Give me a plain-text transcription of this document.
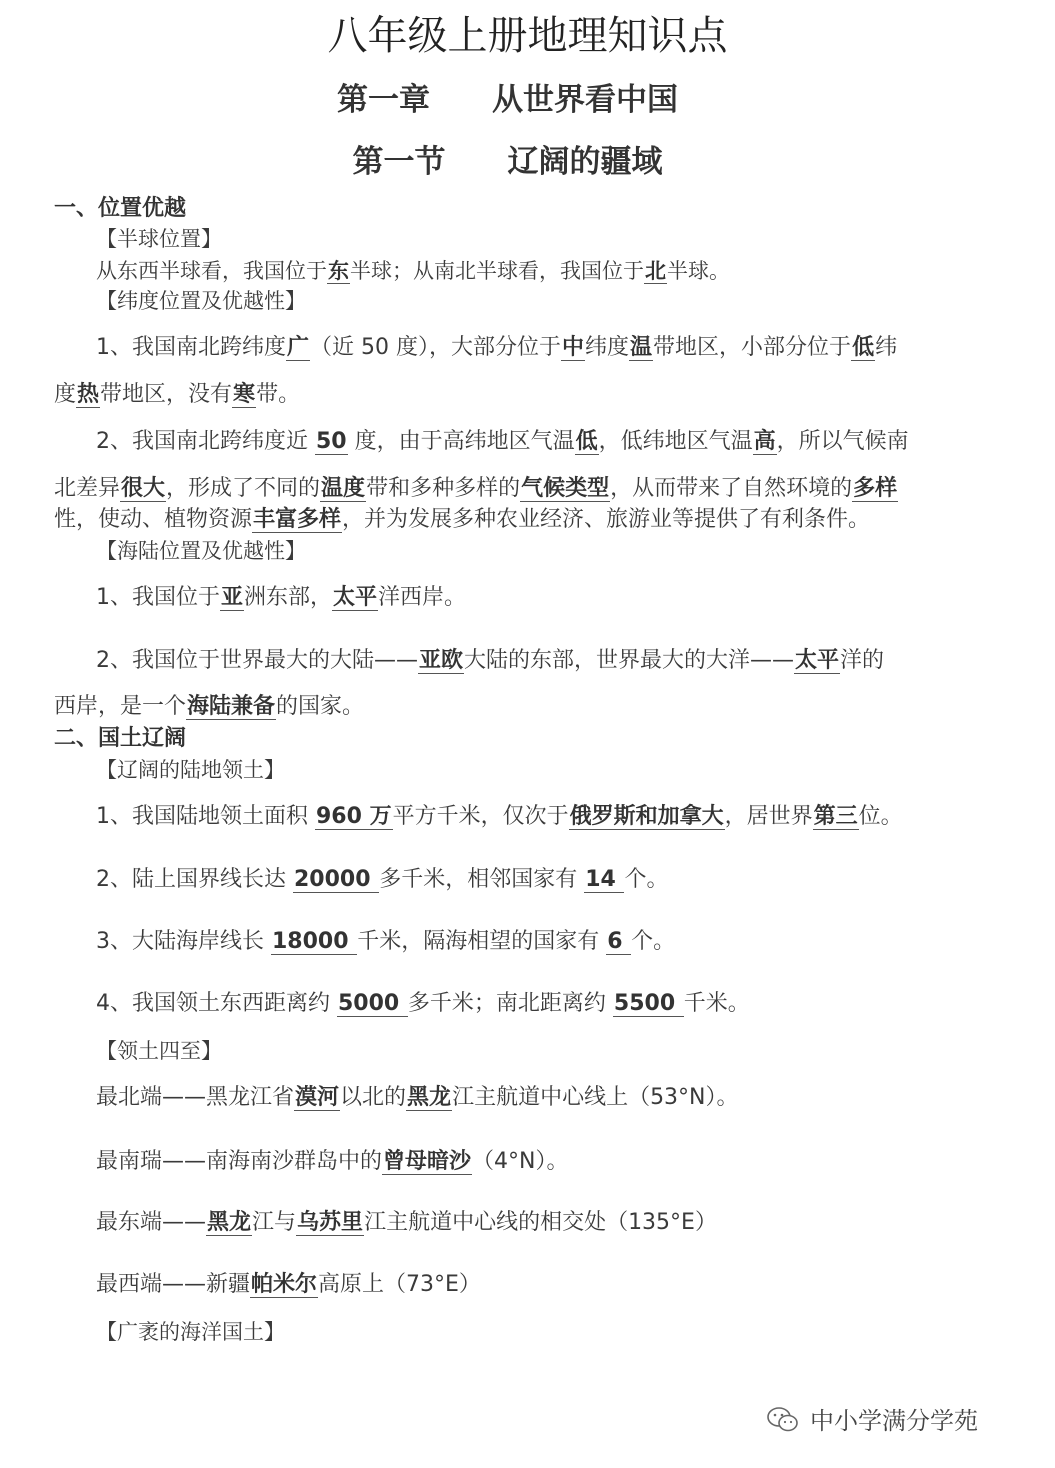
八年级上册地理知识点
第一章　　从世界看中国
第一节　　辽阔的疆域
一、位置优越
【半球位置】
从东西半球看，我国位于东半球；从南北半球看，我国位于北半球。
【纬度位置及优越性】
1、我国南北跨纬度广（近 50 度），大部分位于中纬度温带地区，小部分位于低纬
度热带地区，没有寒带。
2、我国南北跨纬度近 50 度，由于高纬地区气温低，低纬地区气温高，所以气候南
北差异很大，形成了不同的温度带和多种多样的气候类型，从而带来了自然环境的多样
性，使动、植物资源丰富多样，并为发展多种农业经济、旅游业等提供了有利条件。
【海陆位置及优越性】
1、我国位于亚洲东部，太平洋西岸。
2、我国位于世界最大的大陆——亚欧大陆的东部，世界最大的大洋——太平洋的
西岸，是一个海陆兼备的国家。
二、国土辽阔
【辽阔的陆地领土】
1、我国陆地领土面积 960 万平方千米，仅次于俄罗斯和加拿大，居世界第三位。
2、陆上国界线长达 20000 多千米，相邻国家有 14 个。
3、大陆海岸线长 18000 千米，隔海相望的国家有 6 个。
4、我国领土东西距离约 5000 多千米；南北距离约 5500 千米。
【领土四至】
最北端——黑龙江省漠河以北的黑龙江主航道中心线上（53°N）。
最南瑞——南海南沙群岛中的曾母暗沙（4°N）。
最东端——黑龙江与乌苏里江主航道中心线的相交处（135°E）
最西端——新疆帕米尔高原上（73°E）
【广袤的海洋国土】
中小学满分学苑
